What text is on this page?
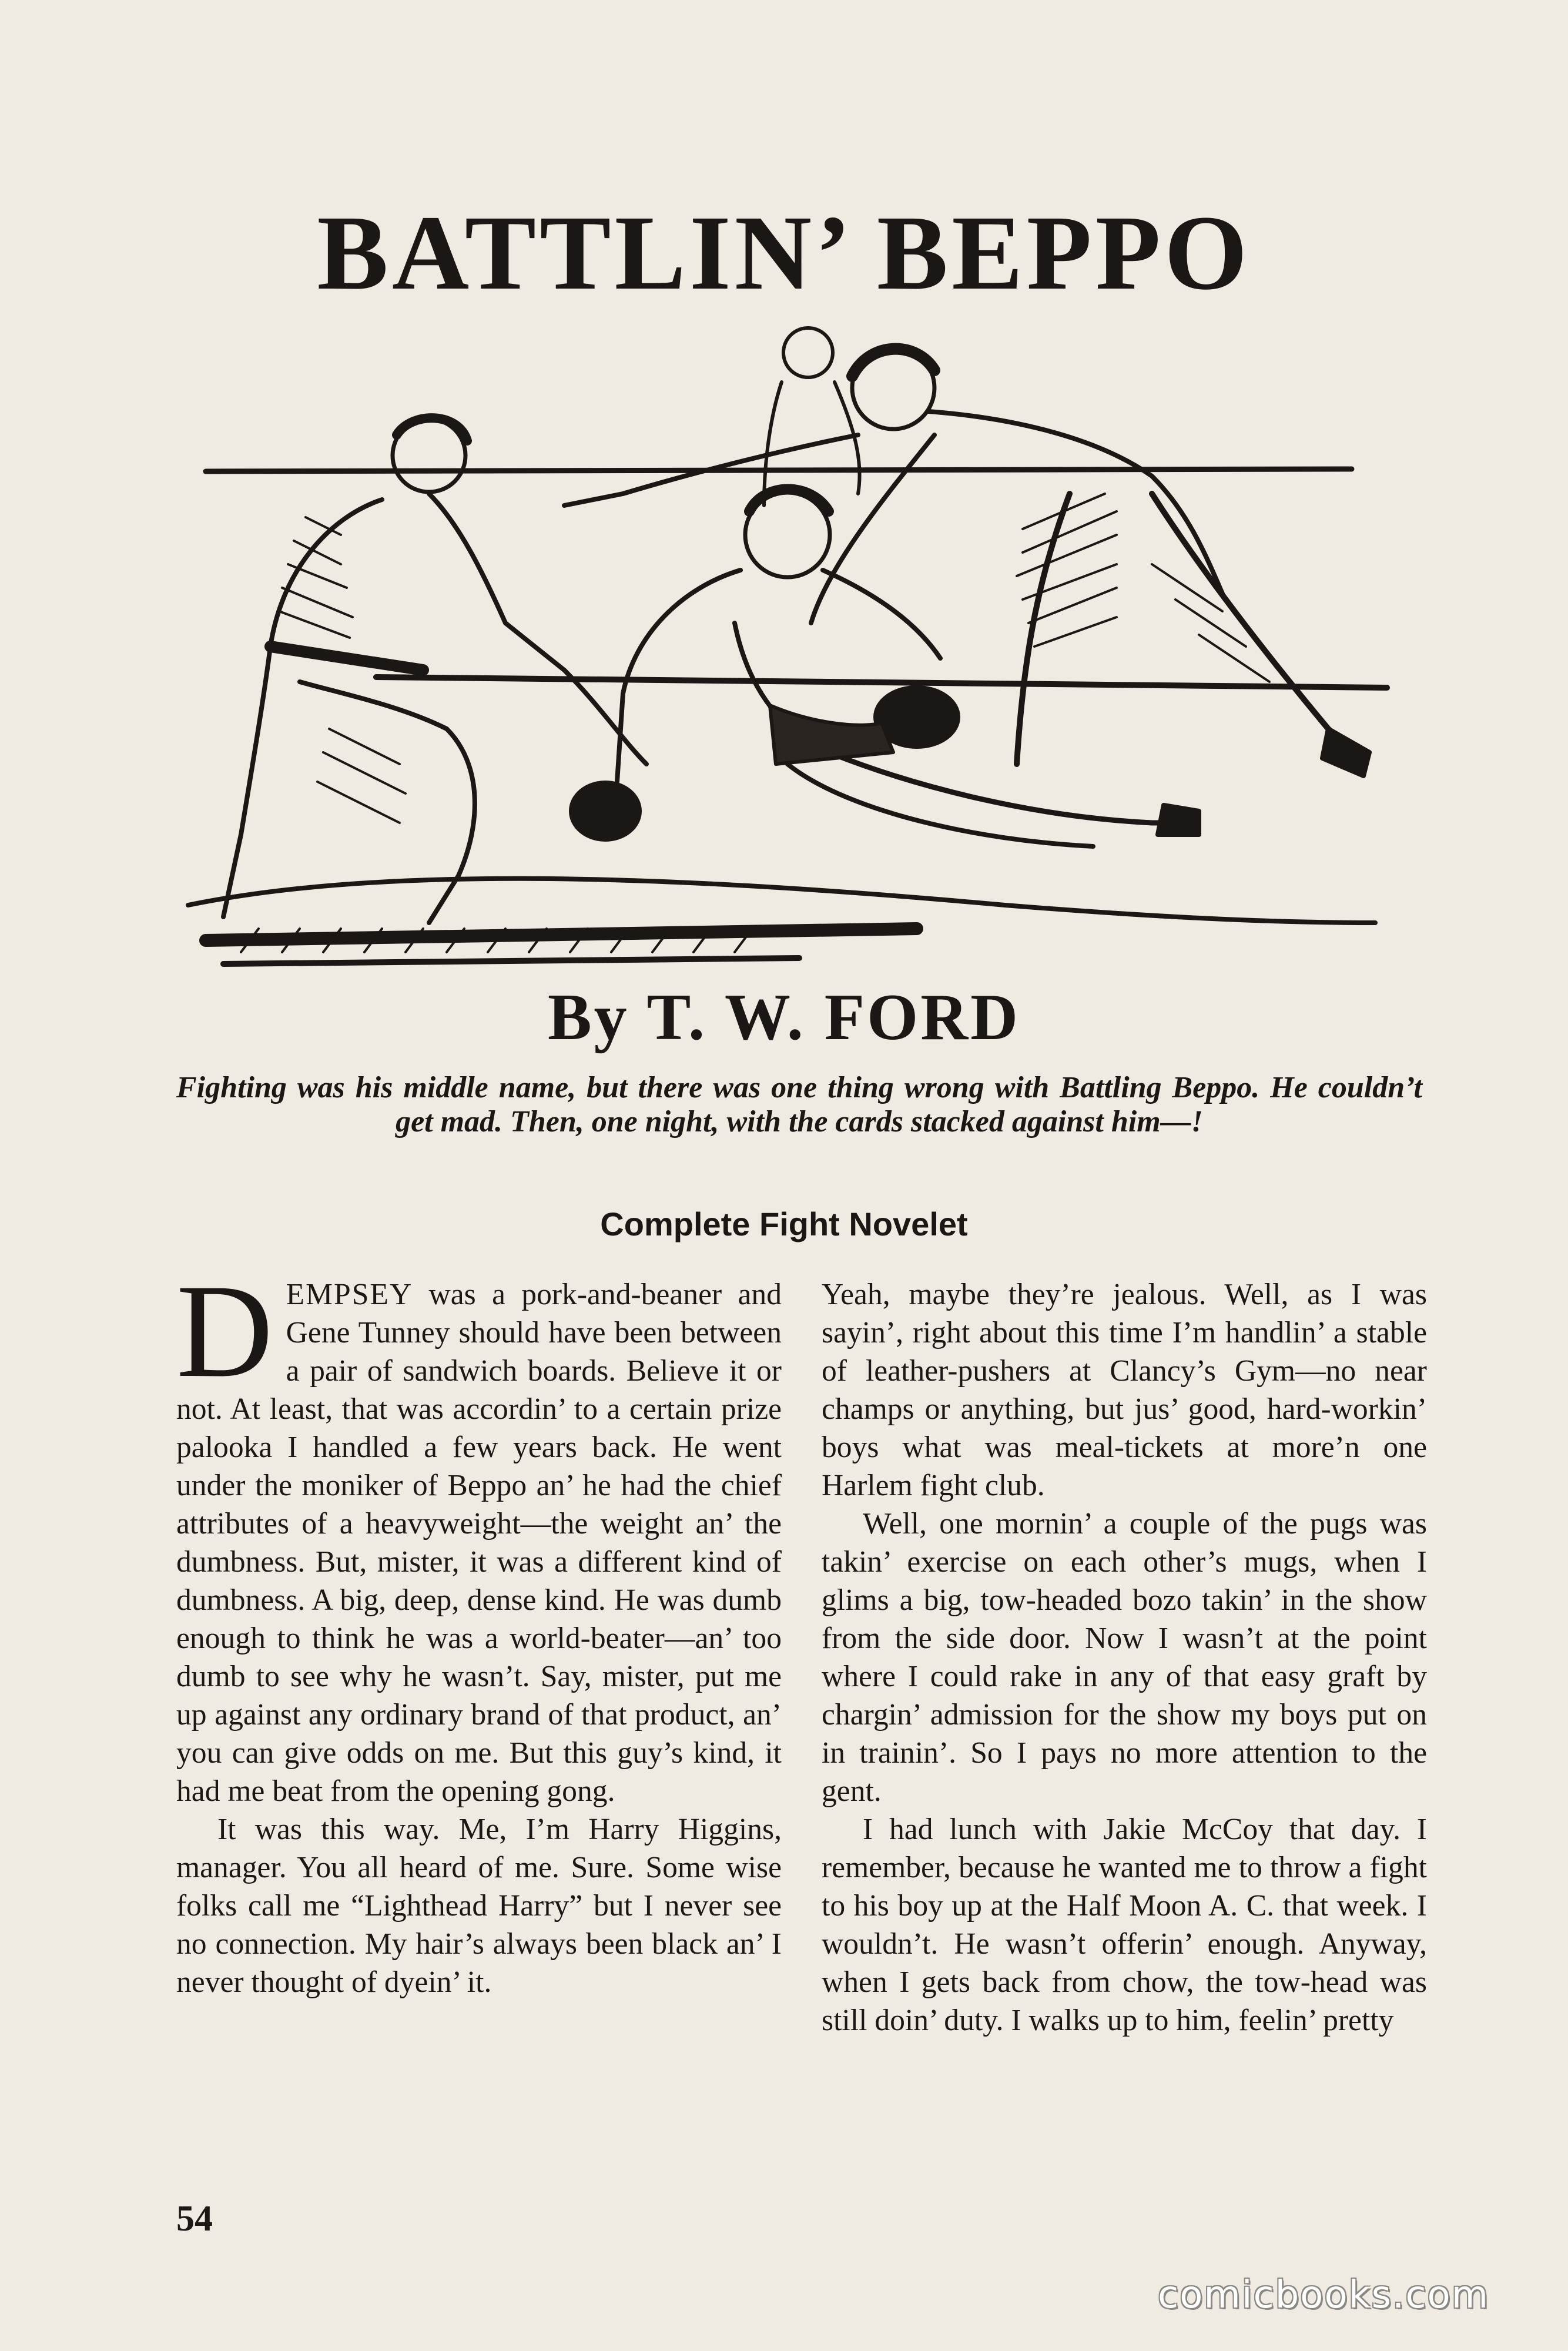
BATTLIN’ BEPPO
By T. W. FORD
Fighting was his middle name, but there was one thing wrong with Battling Beppo. He couldn’t get mad. Then, one night, with the cards stacked against him—!
Complete Fight Novelet

DEMPSEY was a pork-and-beaner and Gene Tunney should have been between a pair of sandwich boards. Believe it or not. At least, that was accordin’ to a certain prize palooka I handled a few years back. He went under the moniker of Beppo an’ he had the chief attributes of a heavyweight—the weight an’ the dumbness. But, mister, it was a different kind of dumbness. A big, deep, dense kind. He was dumb enough to think he was a world-beater—an’ too dumb to see why he wasn’t. Say, mister, put me up against any ordinary brand of that product, an’ you can give odds on me. But this guy’s kind, it had me beat from the opening gong.

It was this way. Me, I’m Harry Higgins, manager. You all heard of me. Sure. Some wise folks call me “Lighthead Harry” but I never see no connection. My hair’s always been black an’ I never thought of dyein’ it.

Yeah, maybe they’re jealous. Well, as I was sayin’, right about this time I’m handlin’ a stable of leather-pushers at Clancy’s Gym—no near champs or anything, but jus’ good, hard-workin’ boys what was meal-tickets at more’n one Harlem fight club.

Well, one mornin’ a couple of the pugs was takin’ exercise on each other’s mugs, when I glims a big, tow-headed bozo takin’ in the show from the side door. Now I wasn’t at the point where I could rake in any of that easy graft by chargin’ admission for the show my boys put on in trainin’. So I pays no more attention to the gent.

I had lunch with Jakie McCoy that day. I remember, because he wanted me to throw a fight to his boy up at the Half Moon A. C. that week. I wouldn’t. He wasn’t offerin’ enough. Anyway, when I gets back from chow, the tow-head was still doin’ duty. I walks up to him, feelin’ pretty

54
comicbooks.com
